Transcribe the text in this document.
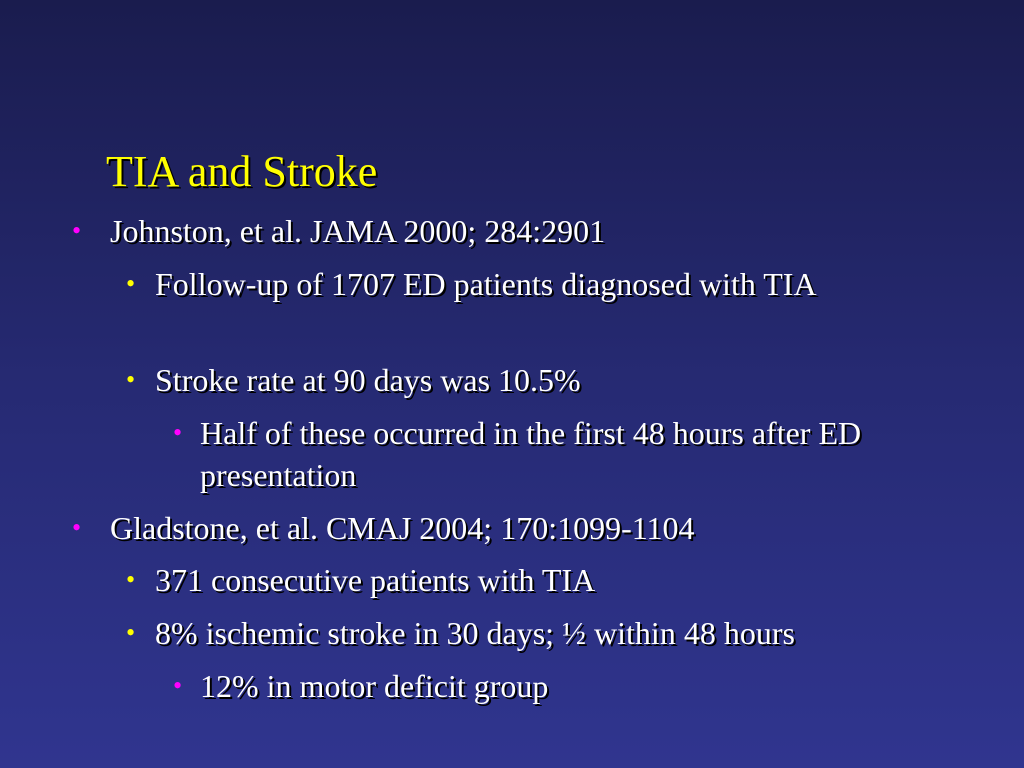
TIA and Stroke
• Johnston, et al. JAMA 2000; 284:2901
• Follow-up of 1707 ED patients diagnosed with TIA
• Stroke rate at 90 days was 10.5%
• Half of these occurred in the first 48 hours after ED presentation
• Gladstone, et al. CMAJ 2004; 170:1099-1104
• 371 consecutive patients with TIA
• 8% ischemic stroke in 30 days; ½ within 48 hours
• 12% in motor deficit group
